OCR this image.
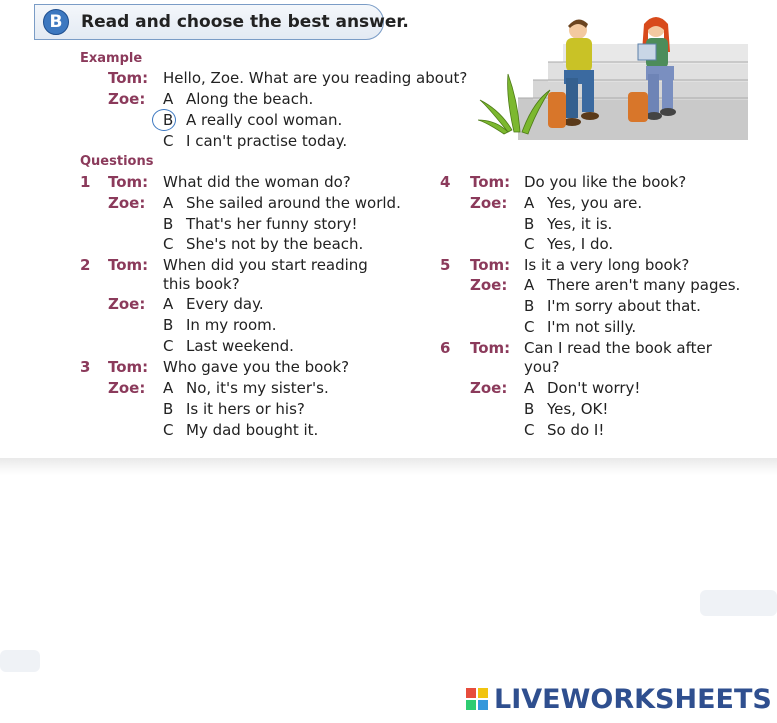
B	Read and choose the best answer.
Example
Tom: Hello, Zoe. What are you reading about?
Zoe: A Along the beach.
B A really cool woman.
C I can't practise today.
Questions
1 Tom: What did the woman do?
Zoe: A She sailed around the world.
B That's her funny story!
C She's not by the beach.
2 Tom: When did you start reading
this book?
Zoe: A Every day.
B In my room.
C Last weekend.
3 Tom: Who gave you the book?
Zoe: A No, it's my sister's.
B Is it hers or his?
C My dad bought it.
4 Tom: Do you like the book?
Zoe: A Yes, you are.
B Yes, it is.
C Yes, I do.
5 Tom: Is it a very long book?
Zoe: A There aren't many pages.
B I'm sorry about that.
C I'm not silly.
6 Tom: Can I read the book after
you?
Zoe: A Don't worry!
B Yes, OK!
C So do I!
LIVEWORKSHEETS
